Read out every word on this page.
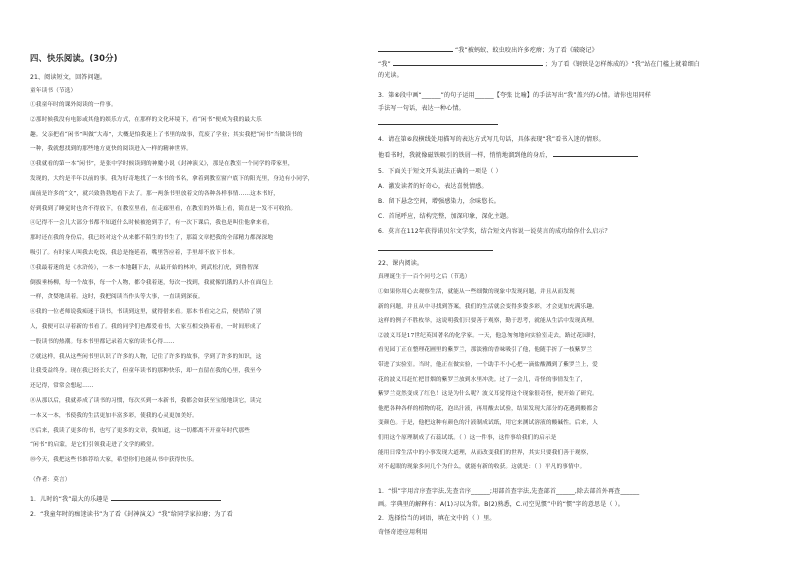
四、快乐阅读。(30分)
21、阅读短文，回答问题。
童年读书（节选）
①我童年时的课外阅读的一件事。
②那时候我没有电影或其他的娱乐方式，在那样的文化环境下，看“闲书”便成为我的最大乐
趣。父亲把看“闲书”叫做“大毒”，大概是怕我迷上了书里的故事，荒废了学业；其实我把“闲书”当做读书的
一种，我就想找到的那些地方更快的阅读进入一样的精神世界。
③我就看的第一本“闲书”，是张中学时候读到的神魔小说《封神演义》，那是在教室一个同学的带家里，
发现的，大约是半年以前的事。我为好奇地找了一本书的书名，拿着到教室窗户底下的阳光里，身边有小同学，
面前是许多的“文”，就兴致勃勃地看下去了。那一两条书里放着文的各种各样事情……这本书好，
好到我到了睡觉时也舍不得放下，在教室里看，在走廊里看，在教室的外墙上看，简直是一发不可收拾。
④记得不一会儿大部分书都不知道什么时候被抢到手了，有一次下课后，我也是叫住他拿来看，
那时还在我的身份后，我已经对这个从来都不陌生的书生了，那篇文章把我的全部精力都深深地
吸引了。有时家人叫我去吃饭，我总是拖延着，嘴里答应着，手里却不放下书本。
⑤我最着迷的是《水浒传》，一本一本地翻下去，从最开始的林冲，到武松打虎，到鲁智深
倒拔垂杨柳，每一个故事，每一个人物，都令我着迷，每次一找到，我就像饥饿的人扑在面包上
一样，贪婪地读着。这时，我把阅读当作头等大事，一直读到深夜。
⑥我的一位老师说我痴迷于读书，书读到这里，就得借来看。那本书看完之后，便借给了别
人，我便可以寻着新的书看了。我的同学们也都爱看书，大家互相交换着看，一时间形成了
一股读书的热潮。每本书里都记录着大家的读书心得……
⑦就这样，我从这些闲书里认识了许多的人物，记住了许多的故事，学到了许多的知识，这
让我受益终身。现在我已经长大了，但童年读书的那种快乐，却一直留在我的心里，我至今
还记得，常常会想起……
⑧从那以后，我就养成了读书的习惯，每次买到一本新书，我都会如获至宝般地读它，读完
一本又一本，书使我的生活更加丰富多彩，使我的心灵更加美好。
⑨后来，我读了更多的书，也写了更多的文章，我知道，这一切都离不开童年时代那些
“闲书”的启蒙，是它们引领我走进了文学的殿堂。
⑩今天，我把这些书推荐给大家，希望你们也能从书中获得快乐。
（作者：莫言）
1．儿时的“我”最大的乐趣是
2．“我童年时的痴迷读书”为了看《封神演义》“我”给同学家拉磨；为了看
“我”被蚂蚁、蚊虫咬出许多疙瘩；为了看《破晓记》
“我”	；为了看《钢铁是怎样炼成的》“我”站在门槛上就着细白
的光读。
3．第⑥段中画“______”的句子运用______【夸张 比喻】的手法写出“我”盖兴的心情。请你也用同样
手法写一句话，表达一种心情。
4．请在第⑥段横线处用描写的表达方式写几句话，具体表现“我”看书入迷的情形。
他看书时，我就像磁铁吸引的铁屑一样，悄悄地溜到他的身后，
5．下面关于短文开头说法正确的一项是（ ）
A．激发读者的好奇心，表达喜悦情感。
B．留下悬念空间，增强感染力，余味悠长。
C．首尾呼应，结构完整，加深印象，深化主题。
6．莫言在112年获得诺贝尔文学奖，结合短文内容说一说莫言的成功给你什么启示？
22、课内阅读。
真理诞生于一百个问号之后（节选）
①如果你用心去观察生活，就能从一些细微的现象中发现问题，并且从而发现
新的问题，并且从中寻找到答案，我们的生活就会变得多姿多彩，才会更加充满乐趣。
这样的例子不胜枚举，这说明我们只要善于观察，勤于思考，就能从生活中发现真理。
②波义耳是17世纪英国著名的化学家。一天，他急匆匆地向实验室走去，路过花园时，
看见园丁正在整理花圃里的紫罗兰，那淡雅的香味吸引了他，他随手折了一枝紫罗兰
带进了实验室。当时，他正在做实验，一个助手不小心把一滴盐酸溅到了紫罗兰上，爱
花的波义耳赶忙把冒烟的紫罗兰放到水里冲洗。过了一会儿，奇怪的事情发生了，
紫罗兰竟然变成了红色！这是为什么呢？波义耳觉得这个现象很奇怪，便开始了研究。
他把各种各样的植物的花，泡出汁液，再用酸去试验，结果发现大部分的花遇到酸都会
变颜色。于是，他把这种有颜色的汁液制成试纸，用它来测试溶液的酸碱性。后来，人
们用这个原理制成了石蕊试纸。（ ）这一件事，这件事给我们的启示是
能用日常生活中的小事发现大道理，从而改变我们的世界，其实只要我们善于观察，
对不起眼的现象多问几个为什么，就能有新的收获。这就是：（ ）平凡的事情中。
1．“惧”字用音序查字法,先查音序______;用部首查字法,先查部首______,除去部首外再查______
画。字典里的解释有：A(1)习以为常。B(2)熟悉，C.司空见惯”中的“惯”字的意思是（ ）。
2．选择恰当的词语，填在文中的（ ）里。
奇怪奇迹应用利用
